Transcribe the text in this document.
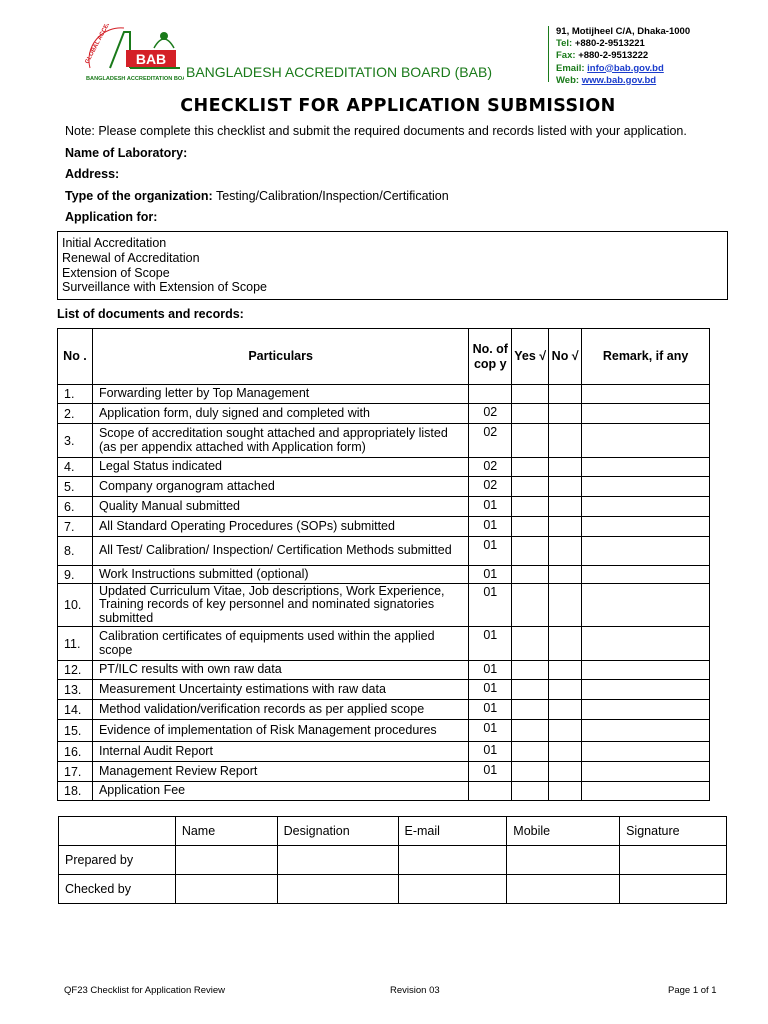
GLOBAL ACCEPTANCE BAB
BANGLADESH ACCREDITATION BOARD
BANGLADESH ACCREDITATION BOARD (BAB)
91, Motijheel C/A, Dhaka-1000
Tel: +880-2-9513221
Fax: +880-2-9513222
Email: info@bab.gov.bd
Web: www.bab.gov.bd
CHECKLIST FOR APPLICATION SUBMISSION
Note: Please complete this checklist and submit the required documents and records listed with your application.
Name of Laboratory:
Address:
Type of the organization: Testing/Calibration/Inspection/Certification
Application for:
Initial Accreditation
Renewal of Accreditation
Extension of Scope
Surveillance with Extension of Scope
List of documents and records:
No .	Particulars	No. of cop y	Yes √	No √	Remark, if any
1.	Forwarding letter by Top Management				
2.	Application form, duly signed and completed with	02			
3.	Scope of accreditation sought attached and appropriately listed (as per appendix attached with Application form)	02			
4.	Legal Status indicated	02			
5.	Company organogram attached	02			
6.	Quality Manual submitted	01			
7.	All Standard Operating Procedures (SOPs) submitted	01			
8.	All Test/ Calibration/ Inspection/ Certification Methods submitted	01			
9.	Work Instructions submitted (optional)	01			
10.	Updated Curriculum Vitae, Job descriptions, Work Experience, Training records of key personnel and nominated signatories submitted	01			
11.	Calibration certificates of equipments used within the applied scope	01			
12.	PT/ILC results with own raw data	01			
13.	Measurement Uncertainty estimations with raw data	01			
14.	Method validation/verification records as per applied scope	01			
15.	Evidence of implementation of Risk Management procedures	01			
16.	Internal Audit Report	01			
17.	Management Review Report	01			
18.	Application Fee				
	Name	Designation	E-mail	Mobile	Signature
Prepared by					
Checked by					
QF23 Checklist for Application Review	Revision 03	Page 1 of 1
